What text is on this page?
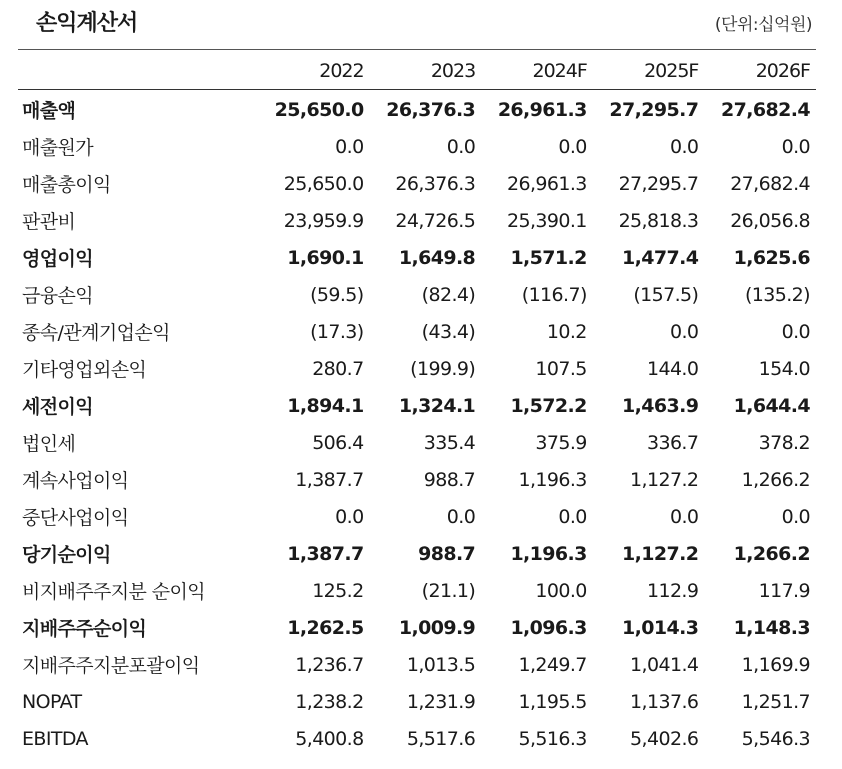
손익계산서	(단위:십억원)
	2022	2023	2024F	2025F	2026F
매출액	25,650.0	26,376.3	26,961.3	27,295.7	27,682.4
매출원가	0.0	0.0	0.0	0.0	0.0
매출총이익	25,650.0	26,376.3	26,961.3	27,295.7	27,682.4
판관비	23,959.9	24,726.5	25,390.1	25,818.3	26,056.8
영업이익	1,690.1	1,649.8	1,571.2	1,477.4	1,625.6
금융손익	(59.5)	(82.4)	(116.7)	(157.5)	(135.2)
종속/관계기업손익	(17.3)	(43.4)	10.2	0.0	0.0
기타영업외손익	280.7	(199.9)	107.5	144.0	154.0
세전이익	1,894.1	1,324.1	1,572.2	1,463.9	1,644.4
법인세	506.4	335.4	375.9	336.7	378.2
계속사업이익	1,387.7	988.7	1,196.3	1,127.2	1,266.2
중단사업이익	0.0	0.0	0.0	0.0	0.0
당기순이익	1,387.7	988.7	1,196.3	1,127.2	1,266.2
비지배주주지분 순이익	125.2	(21.1)	100.0	112.9	117.9
지배주주순이익	1,262.5	1,009.9	1,096.3	1,014.3	1,148.3
지배주주지분포괄이익	1,236.7	1,013.5	1,249.7	1,041.4	1,169.9
NOPAT	1,238.2	1,231.9	1,195.5	1,137.6	1,251.7
EBITDA	5,400.8	5,517.6	5,516.3	5,402.6	5,546.3
